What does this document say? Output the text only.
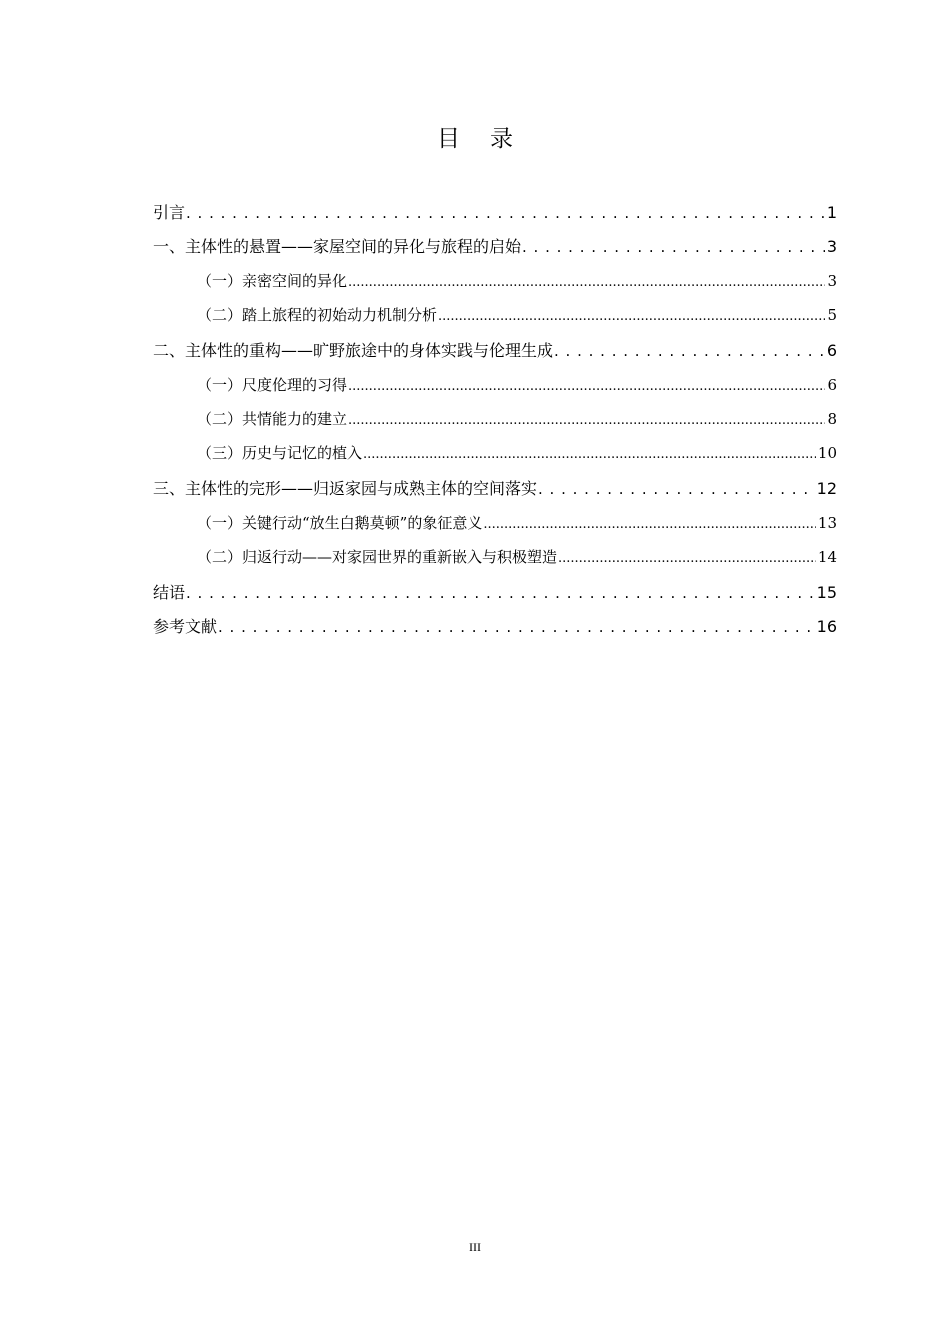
目录
引言 . . .	1
一、主体性的悬置——家屋空间的异化与旅程的启始 . . .	3
（一）亲密空间的异化 .....	3
（二）踏上旅程的初始动力机制分析 .....	5
二、主体性的重构——旷野旅途中的身体实践与伦理生成 . . .	6
（一）尺度伦理的习得 .....	6
（二）共情能力的建立 .....	8
（三）历史与记忆的植入 .....	10
三、主体性的完形——归返家园与成熟主体的空间落实 . . .	12
（一）关键行动“放生白鹅莫顿”的象征意义 .....	13
（二）归返行动——对家园世界的重新嵌入与积极塑造 .....	14
结语 . . .	15
参考文献 . . .	16
III
